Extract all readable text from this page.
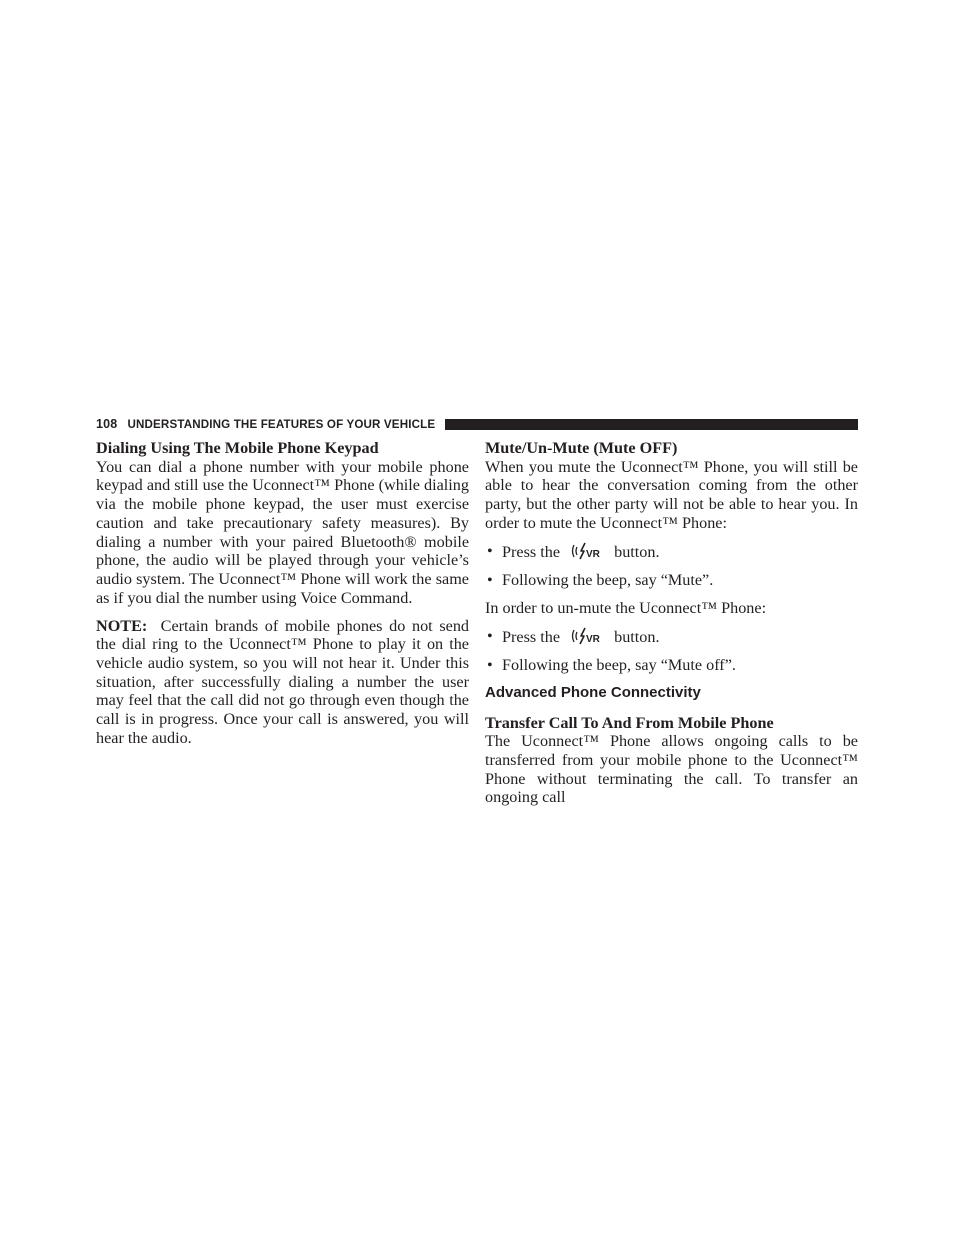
108 UNDERSTANDING THE FEATURES OF YOUR VEHICLE
Dialing Using The Mobile Phone Keypad

You can dial a phone number with your mobile phone keypad and still use the Uconnect™ Phone (while dialing via the mobile phone keypad, the user must exercise caution and take precautionary safety measures). By dialing a number with your paired Bluetooth® mobile phone, the audio will be played through your vehicle’s audio system. The Uconnect™ Phone will work the same as if you dial the number using Voice Command.

NOTE: Certain brands of mobile phones do not send the dial ring to the Uconnect™ Phone to play it on the vehicle audio system, so you will not hear it. Under this situation, after successfully dialing a number the user may feel that the call did not go through even though the call is in progress. Once your call is answered, you will hear the audio.

Mute/Un-Mute (Mute OFF)

When you mute the Uconnect™ Phone, you will still be able to hear the conversation coming from the other party, but the other party will not be able to hear you. In order to mute the Uconnect™ Phone:

• Press the	VR button.
• Following the beep, say “Mute”.

In order to un-mute the Uconnect™ Phone:

• Press the	VR button.
• Following the beep, say “Mute off”.
Advanced Phone Connectivity
Transfer Call To And From Mobile Phone

The Uconnect™ Phone allows ongoing calls to be transferred from your mobile phone to the Uconnect™ Phone without terminating the call. To transfer an ongoing call
